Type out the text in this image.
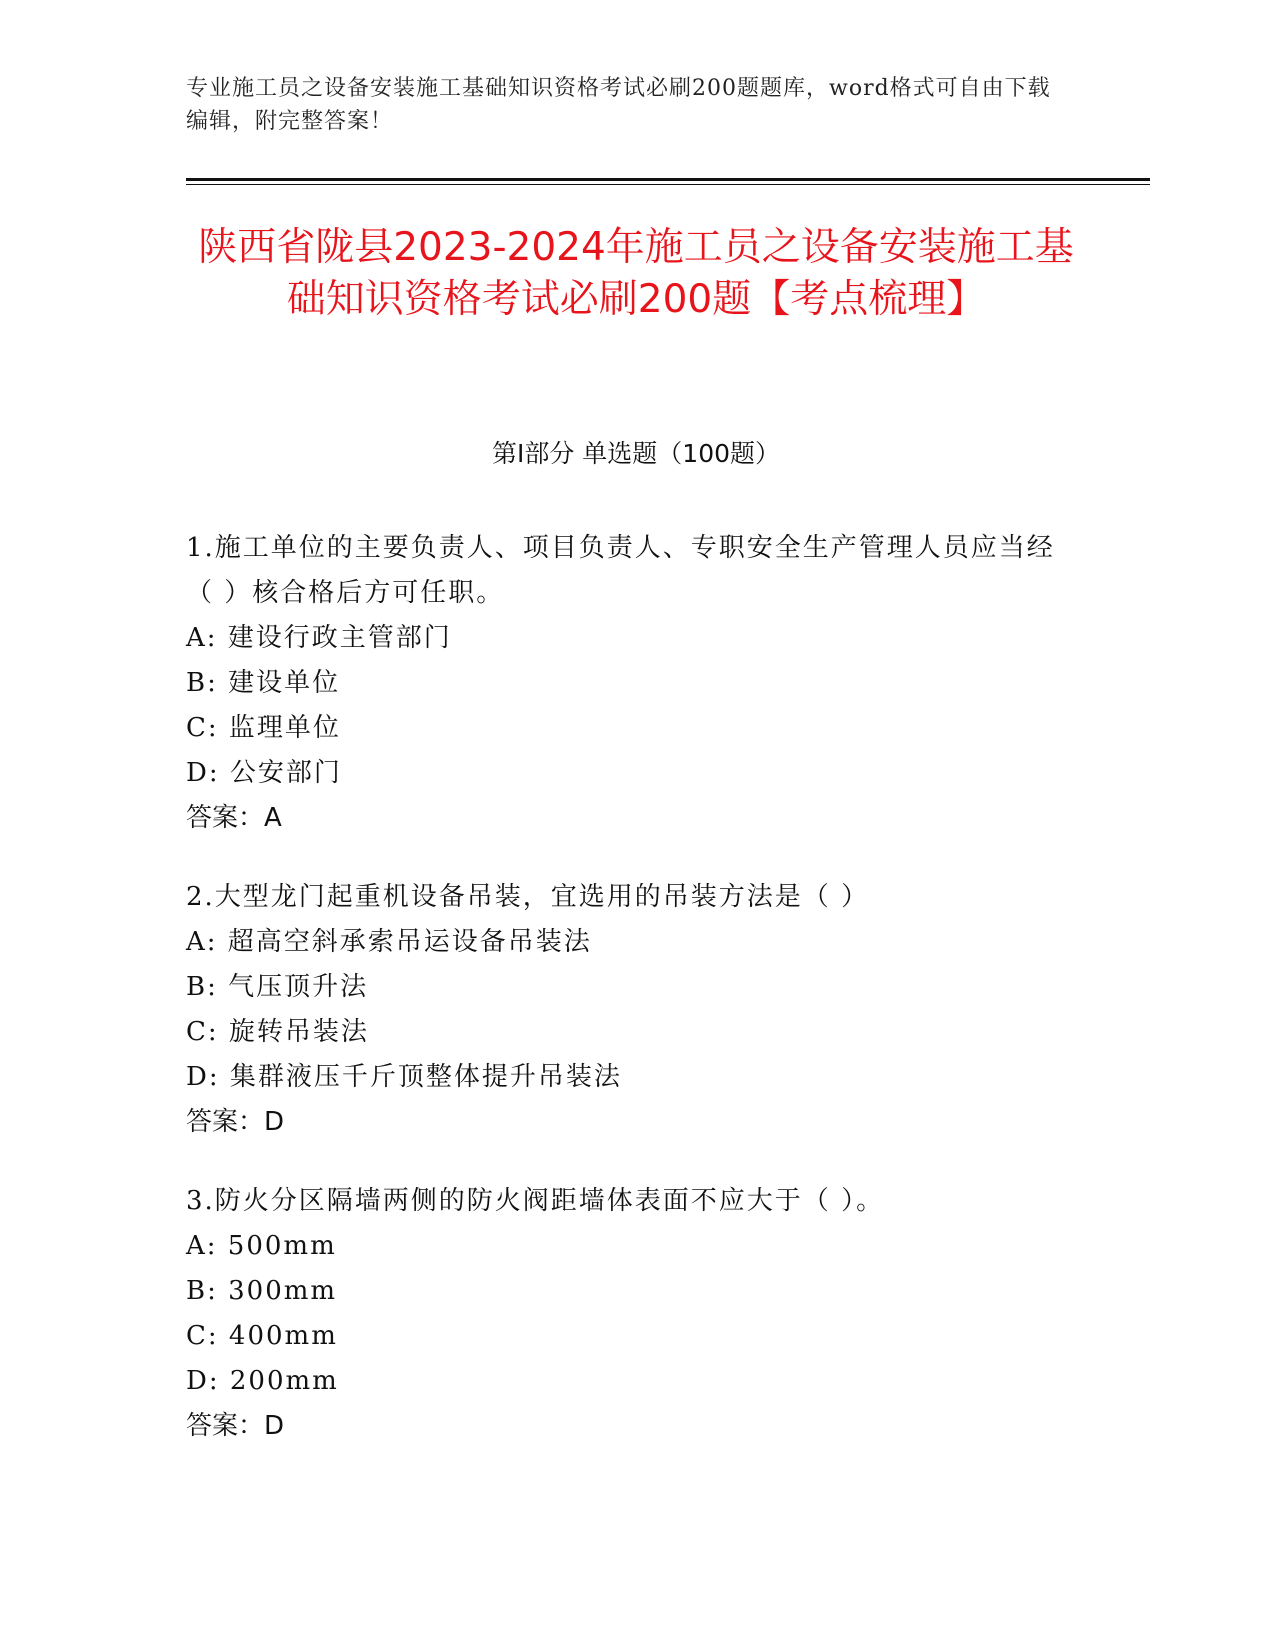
专业施工员之设备安装施工基础知识资格考试必刷200题题库，word格式可自由下载编辑，附完整答案！
陕西省陇县2023-2024年施工员之设备安装施工基础知识资格考试必刷200题【考点梳理】
第I部分 单选题（100题）

1.施工单位的主要负责人、项目负责人、专职安全生产管理人员应当经（ ）核合格后方可任职。

A: 建设行政主管部门

B: 建设单位

C: 监理单位

D: 公安部门

答案：A

2.大型龙门起重机设备吊装，宜选用的吊装方法是（ ）

A: 超高空斜承索吊运设备吊装法

B: 气压顶升法

C: 旋转吊装法

D: 集群液压千斤顶整体提升吊装法

答案：D

3.防火分区隔墙两侧的防火阀距墙体表面不应大于（ ）。

A: 500mm

B: 300mm

C: 400mm

D: 200mm

答案：D
